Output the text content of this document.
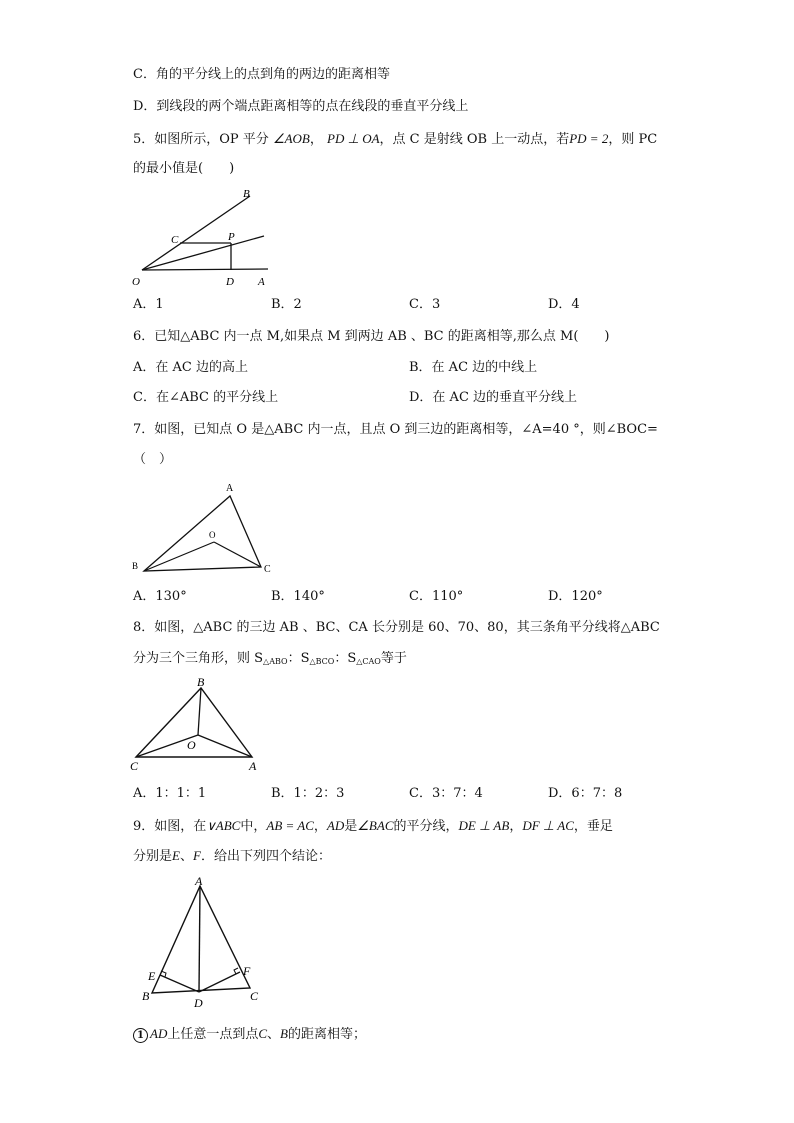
C．角的平分线上的点到角的两边的距离相等
D．到线段的两个端点距离相等的点在线段的垂直平分线上
5．如图所示，OP 平分 ∠AOB， PD ⊥ OA，点 C 是射线 OB 上一动点，若PD = 2，则 PC
的最小值是(　　)
B
C	P
O	D A
A．1	B．2	C．3	D．4
6．已知△ABC 内一点 M,如果点 M 到两边 AB 、BC 的距离相等,那么点 M(　　)
A．在 AC 边的高上	B．在 AC 边的中线上
C．在∠ABC 的平分线上	D．在 AC 边的垂直平分线上
7．如图，已知点 O 是△ABC 内一点，且点 O 到三边的距离相等，∠A=40 °，则∠BOC=
（　）
A
O
B	C
A．130°	B．140°	C．110°	D．120°
8．如图，△ABC 的三边 AB 、BC、CA 长分别是 60、70、80，其三条角平分线将△ABC
分为三个三角形，则 $S_{\triangle ABO}$：$S_{\triangle BCO}$：$S_{\triangle CAO}$等于
B
O
C	A
A．1：1：1	B．1：2：3	C．3：7：4	D．6：7：8
9．如图，在∨ABC中，AB = AC，AD是∠BAC的平分线，DE ⊥ AB，DF ⊥ AC，垂足
分别是E、F．给出下列四个结论：
A
E	F
B	D	C
1 AD上任意一点到点C、B的距离相等；
